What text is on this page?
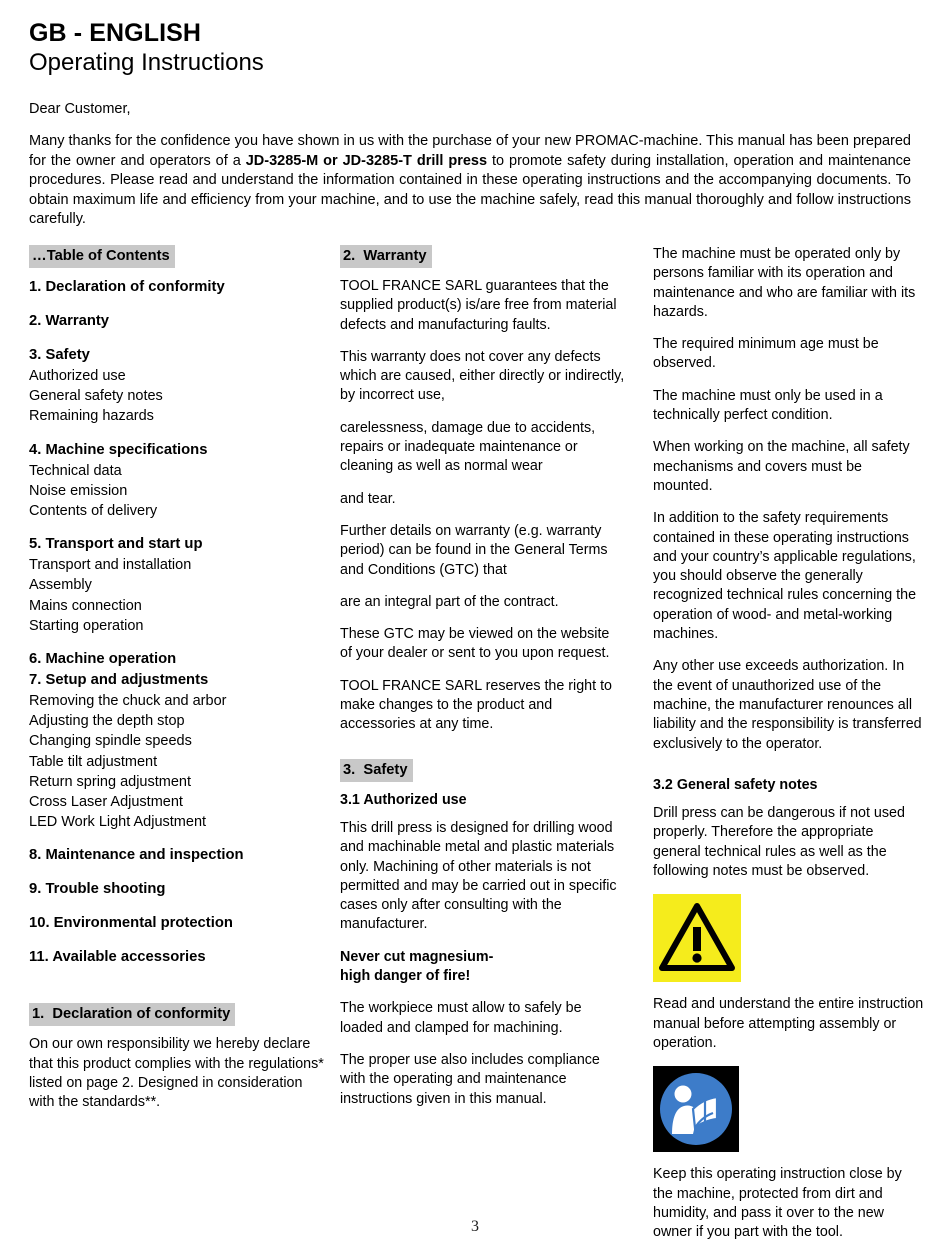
GB - ENGLISH
Operating Instructions

Dear Customer,

Many thanks for the confidence you have shown in us with the purchase of your new PROMAC-machine. This manual has been prepared for the owner and operators of a JD-3285-M or JD-3285-T drill press to promote safety during installation, operation and maintenance procedures. Please read and understand the information contained in these operating instructions and the accompanying documents. To obtain maximum life and efficiency from your machine, and to use the machine safely, read this manual thoroughly and follow instructions carefully.

…Table of Contents
1. Declaration of conformity
2. Warranty
3. Safety
Authorized use
General safety notes
Remaining hazards
4. Machine specifications
Technical data
Noise emission
Contents of delivery
5. Transport and start up
Transport and installation
Assembly
Mains connection
Starting operation
6. Machine operation
7. Setup and adjustments
Removing the chuck and arbor
Adjusting the depth stop
Changing spindle speeds
Table tilt adjustment
Return spring adjustment
Cross Laser Adjustment
LED Work Light Adjustment
8. Maintenance and inspection
9. Trouble shooting
10. Environmental protection
11. Available accessories
1.  Declaration of conformity

On our own responsibility we hereby declare that this product complies with the regulations* listed on page 2. Designed in consideration with the standards**.

2.  Warranty

TOOL FRANCE SARL guarantees that the supplied product(s) is/are free from material defects and manufacturing faults.

This warranty does not cover any defects which are caused, either directly or indirectly, by incorrect use,

carelessness, damage due to accidents, repairs or inadequate maintenance or cleaning as well as normal wear

and tear.

Further details on warranty (e.g. warranty period) can be found in the General Terms and Conditions (GTC) that

are an integral part of the contract.

These GTC may be viewed on the website of your dealer or sent to you upon request.

TOOL FRANCE SARL reserves the right to make changes to the product and accessories at any time.

3.  Safety

3.1 Authorized use

This drill press is designed for drilling wood and machinable metal and plastic materials only. Machining of other materials is not permitted and may be carried out in specific cases only after consulting with the manufacturer.

Never cut magnesium-

high danger of fire!

The workpiece must allow to safely be loaded and clamped for machining.

The proper use also includes compliance with the operating and maintenance instructions given in this manual.

The machine must be operated only by persons familiar with its operation and maintenance and who are familiar with its hazards.

The required minimum age must be observed.

The machine must only be used in a technically perfect condition.

When working on the machine, all safety mechanisms and covers must be mounted.

In addition to the safety requirements contained in these operating instructions and your country’s applicable regulations, you should observe the generally recognized technical rules concerning the operation of wood- and metal-working machines.

Any other use exceeds authorization. In the event of unauthorized use of the machine, the manufacturer renounces all liability and the responsibility is transferred exclusively to the operator.

3.2 General safety notes

Drill press can be dangerous if not used properly. Therefore the appropriate general technical rules as well as the following notes must be observed.

Read and understand the entire instruction manual before attempting assembly or operation.

Keep this operating instruction close by the machine, protected from dirt and humidity, and pass it over to the new owner if you part with the tool.

3
